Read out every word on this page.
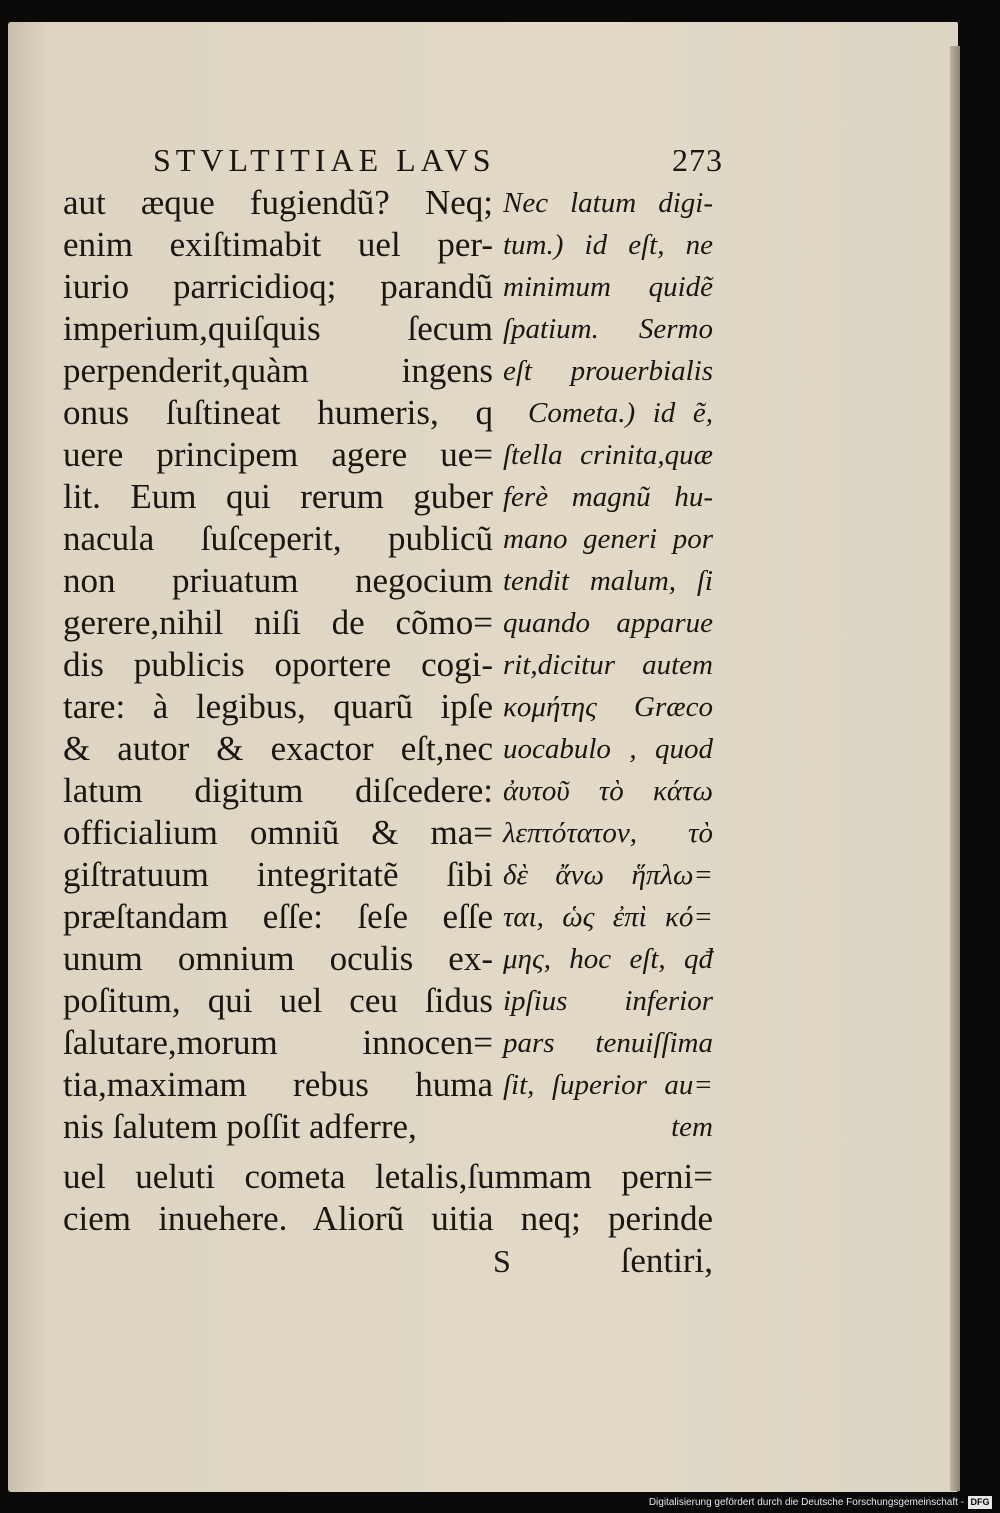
STVLTITIAE LAVS	273
aut æque fugiendũ? Neq;
enim exiſtimabit uel per-
iurio parricidioq; parandũ
imperium,quiſquis ſecum
perpenderit,quàm ingens
onus ſuſtineat humeris, q
uere principem agere ue=
lit. Eum qui rerum guber
nacula ſuſceperit, publicũ
non priuatum negocium
gerere,nihil niſi de cõmo=
dis publicis oportere cogi-
tare: à legibus, quarũ ipſe
& autor & exactor eſt,nec
latum digitum diſcedere:
officialium omniũ & ma=
giſtratuum integritatẽ ſibi
præſtandam eſſe: ſeſe eſſe
unum omnium oculis ex-
poſitum, qui uel ceu ſidus
ſalutare,morum innocen=
tia,maximam rebus huma
nis ſalutem poſſit adferre,
Nec latum digi-
tum.) id eſt, ne
minimum quidẽ
ſpatium. Sermo
eſt prouerbialis
Cometa.) id ẽ,
ſtella crinita,quæ
ferè magnũ hu-
mano generi por
tendit malum, ſi
quando apparue
rit,dicitur autem
κομήτης Græco
uocabulo , quod
ἀυτοῦ τὸ κάτω
λεπτότατον, τὸ
δὲ ἄνω ἥπλω=
ται, ὡς ἐπὶ κό=
μης, hoc eſt, qđ
ipſius inferior
pars tenuiſſima
ſit, ſuperior au=
tem
uel ueluti cometa letalis,ſummam perni=
ciem inuehere. Aliorũ uitia neq; perinde
S	ſentiri,
Digitalisierung gefördert durch die Deutsche Forschungsgemeinschaft - DFG
